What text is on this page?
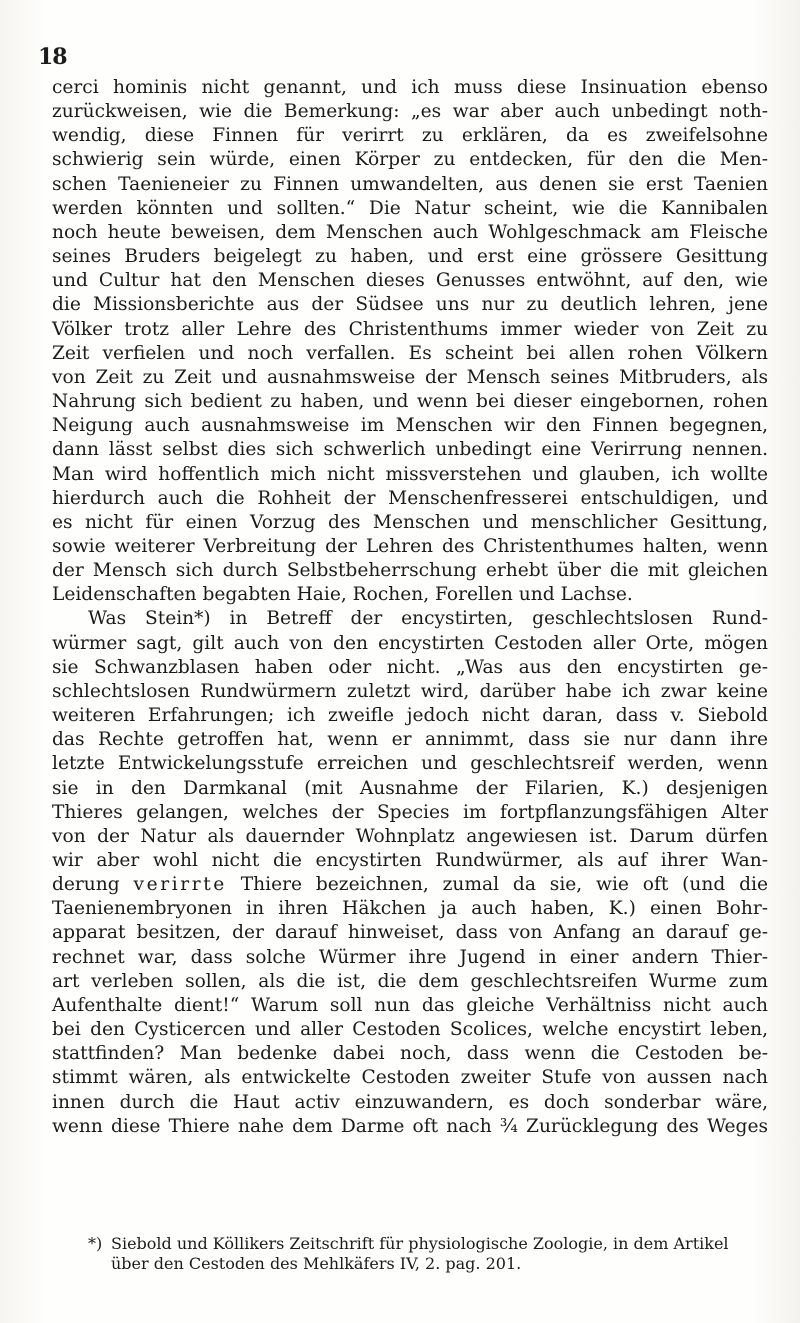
18

cerci hominis nicht genannt, und ich muss diese Insinuation ebenso
zurückweisen, wie die Bemerkung: „es war aber auch unbedingt noth-
wendig, diese Finnen für verirrt zu erklären, da es zweifelsohne
schwierig sein würde, einen Körper zu entdecken, für den die Men-
schen Taenieneier zu Finnen umwandelten, aus denen sie erst Taenien
werden könnten und sollten.“ Die Natur scheint, wie die Kannibalen
noch heute beweisen, dem Menschen auch Wohlgeschmack am Fleische
seines Bruders beigelegt zu haben, und erst eine grössere Gesittung
und Cultur hat den Menschen dieses Genusses entwöhnt, auf den, wie
die Missionsberichte aus der Südsee uns nur zu deutlich lehren, jene
Völker trotz aller Lehre des Christenthums immer wieder von Zeit zu
Zeit verfielen und noch verfallen. Es scheint bei allen rohen Völkern
von Zeit zu Zeit und ausnahmsweise der Mensch seines Mitbruders, als
Nahrung sich bedient zu haben, und wenn bei dieser eingebornen, rohen
Neigung auch ausnahmsweise im Menschen wir den Finnen begegnen,
dann lässt selbst dies sich schwerlich unbedingt eine Verirrung nennen.
Man wird hoffentlich mich nicht missverstehen und glauben, ich wollte
hierdurch auch die Rohheit der Menschenfresserei entschuldigen, und
es nicht für einen Vorzug des Menschen und menschlicher Gesittung,
sowie weiterer Verbreitung der Lehren des Christenthumes halten, wenn
der Mensch sich durch Selbstbeherrschung erhebt über die mit gleichen
Leidenschaften begabten Haie, Rochen, Forellen und Lachse.

Was Stein*) in Betreff der encystirten, geschlechtslosen Rund-
würmer sagt, gilt auch von den encystirten Cestoden aller Orte, mögen
sie Schwanzblasen haben oder nicht. „Was aus den encystirten ge-
schlechtslosen Rundwürmern zuletzt wird, darüber habe ich zwar keine
weiteren Erfahrungen; ich zweifle jedoch nicht daran, dass v. Siebold
das Rechte getroffen hat, wenn er annimmt, dass sie nur dann ihre
letzte Entwickelungsstufe erreichen und geschlechtsreif werden, wenn
sie in den Darmkanal (mit Ausnahme der Filarien, K.) desjenigen
Thieres gelangen, welches der Species im fortpflanzungsfähigen Alter
von der Natur als dauernder Wohnplatz angewiesen ist. Darum dürfen
wir aber wohl nicht die encystirten Rundwürmer, als auf ihrer Wan-
derung verirrte Thiere bezeichnen, zumal da sie, wie oft (und die
Taenienembryonen in ihren Häkchen ja auch haben, K.) einen Bohr-
apparat besitzen, der darauf hinweiset, dass von Anfang an darauf ge-
rechnet war, dass solche Würmer ihre Jugend in einer andern Thier-
art verleben sollen, als die ist, die dem geschlechtsreifen Wurme zum
Aufenthalte dient!“ Warum soll nun das gleiche Verhältniss nicht auch
bei den Cysticercen und aller Cestoden Scolices, welche encystirt leben,
stattfinden? Man bedenke dabei noch, dass wenn die Cestoden be-
stimmt wären, als entwickelte Cestoden zweiter Stufe von aussen nach
innen durch die Haut activ einzuwandern, es doch sonderbar wäre,
wenn diese Thiere nahe dem Darme oft nach ¾ Zurücklegung des Weges

*) Siebold und Köllikers Zeitschrift für physiologische Zoologie, in dem Artikel
über den Cestoden des Mehlkäfers IV, 2. pag. 201.
